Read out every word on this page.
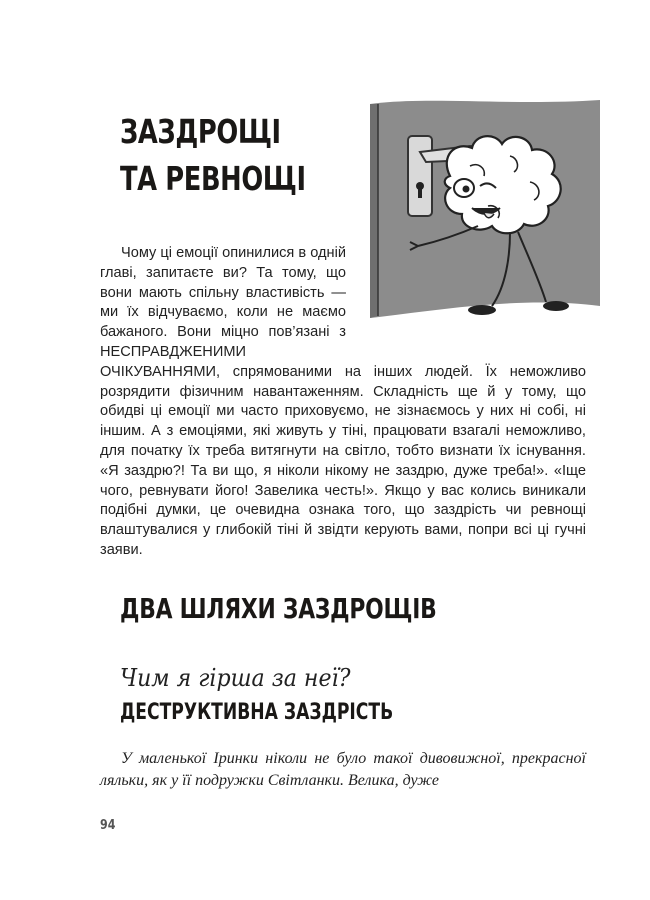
ЗАЗДРОЩІ
ТА РЕВНОЩІ

Чому ці емоції опинилися в одній главі, запитаєте ви? Та тому, що вони мають спільну властивість — ми їх відчуваємо, коли не маємо бажаного. Вони міцно пов’язані з НЕСПРАВДЖЕНИМИ ОЧІКУВАННЯМИ, спрямованими на інших людей. Їх неможливо розрядити фізичним навантаженням. Складність ще й у тому, що обидві ці емоції ми часто приховуємо, не зізнаємось у них ні собі, ні іншим. А з емоціями, які живуть у тіні, працювати взагалі неможливо, для початку їх треба витягнути на світло, тобто визнати їх існування. «Я заздрю?! Та ви що, я ніколи нікому не заздрю, дуже треба!». «Іще чого, ревнувати його! Завелика честь!». Якщо у вас колись виникали подібні думки, це очевидна ознака того, що заздрість чи ревнощі влаштувалися у глибокій тіні й звідти керують вами, попри всі ці гучні заяви.

ДВА ШЛЯХИ ЗАЗДРОЩІВ
Чим я гірша за неї?
ДЕСТРУКТИВНА ЗАЗДРІСТЬ

У маленької Іринки ніколи не було такої дивовижної, прекрасної ляльки, як у її подружки Світланки. Велика, дуже

94
